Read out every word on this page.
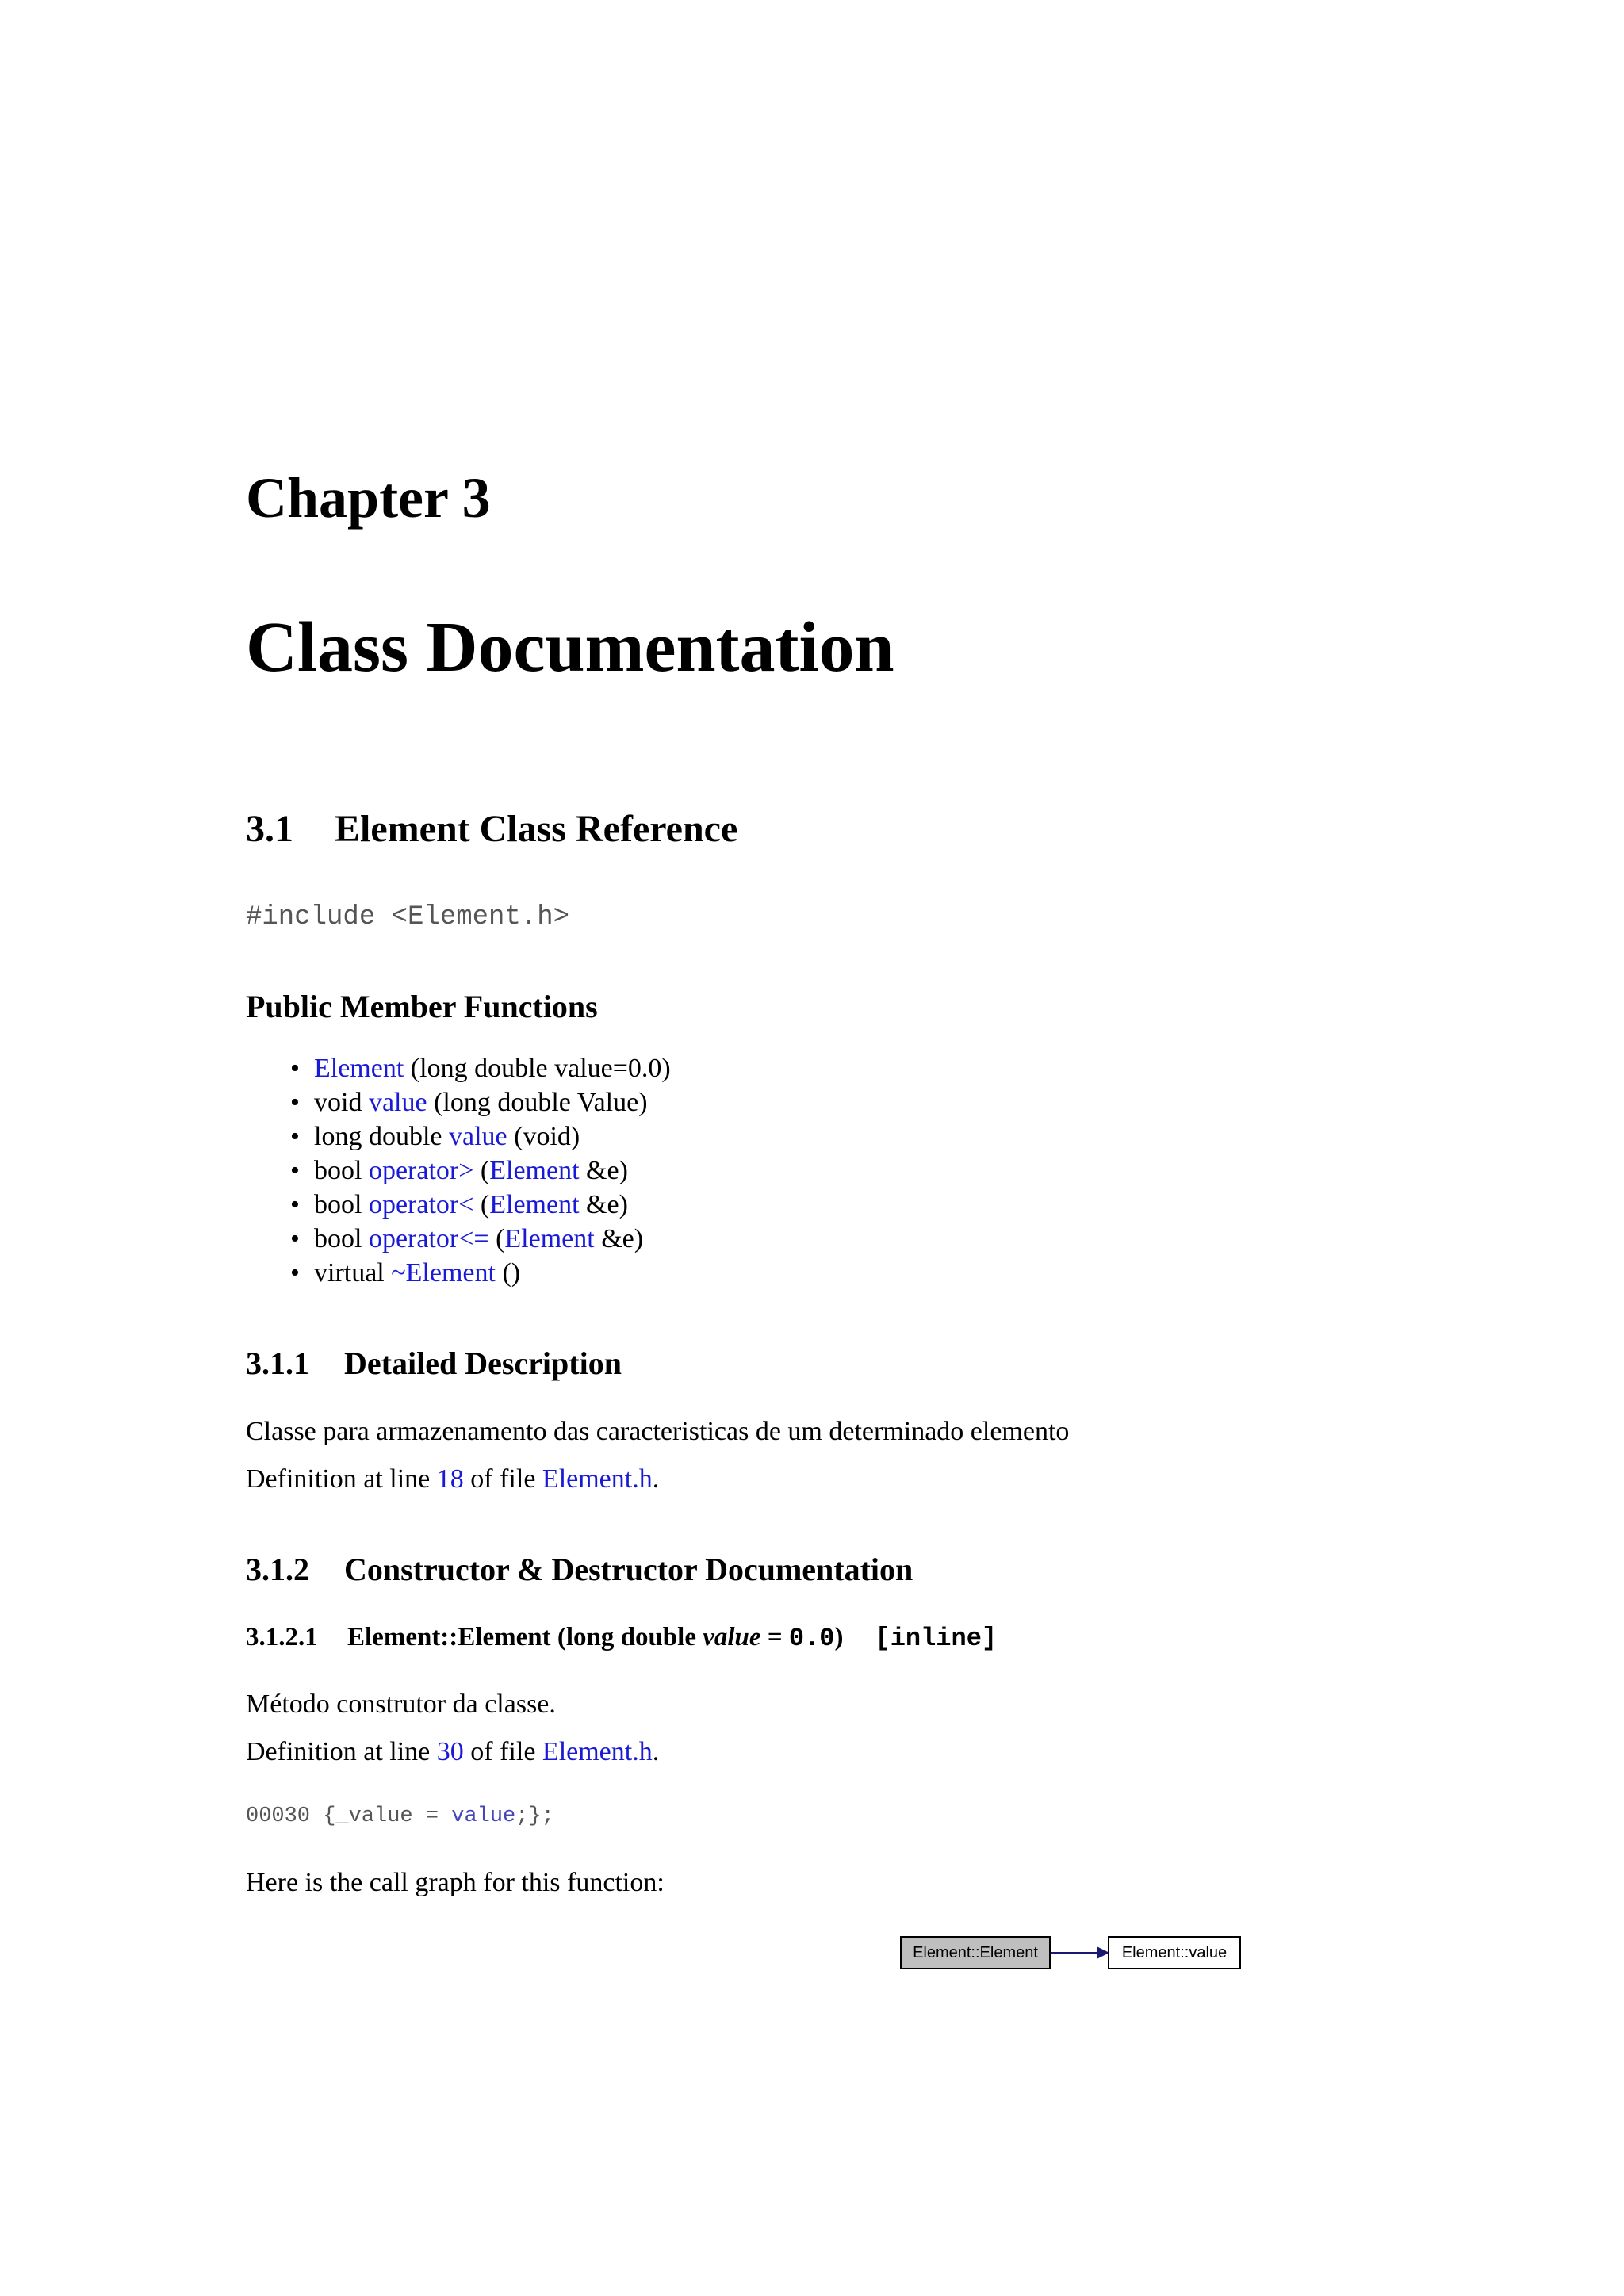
Chapter 3
Class Documentation
3.1 Element Class Reference
#include <Element.h>
Public Member Functions
• Element (long double value=0.0)
• void value (long double Value)
• long double value (void)
• bool operator> (Element &e)
• bool operator< (Element &e)
• bool operator<= (Element &e)
• virtual ~Element ()
3.1.1 Detailed Description
Classe para armazenamento das caracteristicas de um determinado elemento
Definition at line 18 of file Element.h.
3.1.2 Constructor & Destructor Documentation
3.1.2.1 Element::Element (long double value = 0.0) [inline]
Método construtor da classe.
Definition at line 30 of file Element.h.
00030 {_value = value;};
Here is the call graph for this function:
Element::Element	Element::value
